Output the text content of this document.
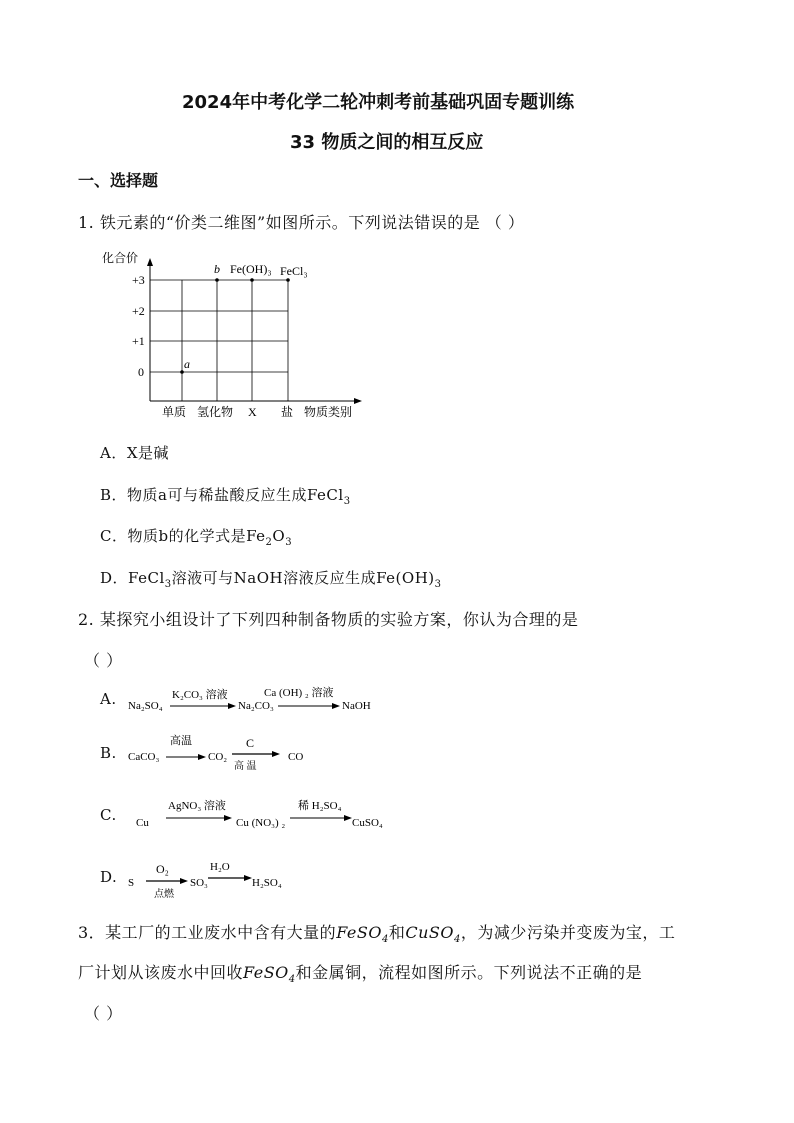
2024年中考化学二轮冲刺考前基础巩固专题训练
33 物质之间的相互反应
一、选择题
1. 铁元素的“价类二维图”如图所示。下列说法错误的是 （ ）
化合价
物质类别
+3
+2
+1
0
单质 氢化物 X 盐
a
b Fe(OH)₃ FeCl₃
A．X是碱
B．物质a可与稀盐酸反应生成FeCl$_3$
C．物质b的化学式是$Fe_2O_3$
D．FeCl$_3$溶液可与NaOH溶液反应生成$Fe(OH)_3$
2. 某探究小组设计了下列四种制备物质的实验方案，你认为合理的是
（ ）
A. Na₂SO₄
K₂CO₃ 溶液
Na₂CO₃
Ca (OH) ₂ 溶液
NaOH
B. CaCO₃
高温
CO₂
C
高 温
CO
C. Cu
AgNO₃ 溶液
Cu (NO₃) ₂
稀 H₂SO₄
CuSO₄
D. S
O₂
点燃
SO₃
H₂O
H₂SO₄
3．某工厂的工业废水中含有大量的FeSO$_4$和CuSO$_4$，为减少污染并变废为宝，工
厂计划从该废水中回收FeSO$_4$和金属铜，流程如图所示。下列说法不正确的是
（ ）
